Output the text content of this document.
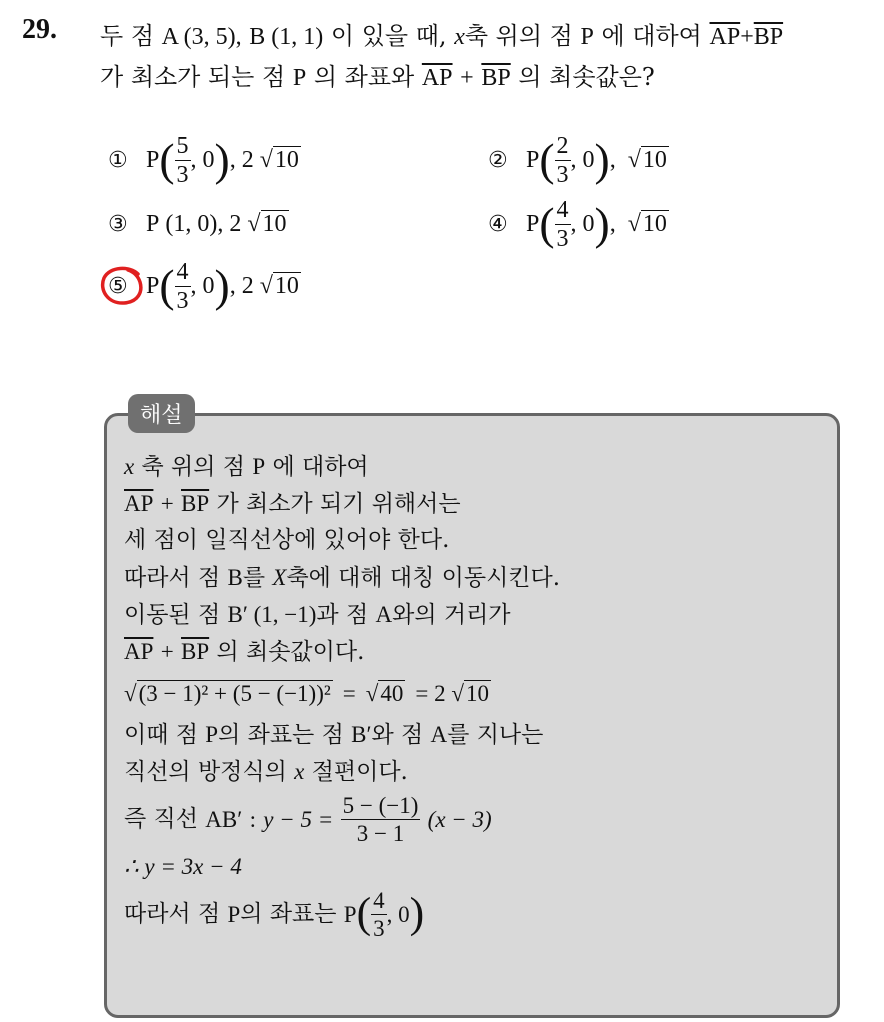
29. 두 점 A (3, 5), B (1, 1) 이 있을 때, x축 위의 점 P 에 대하여 $\overline{AP}+\overline{BP}$
가 최소가 되는 점 P 의 좌표와 $\overline{AP} + \overline{BP}$ 의 최솟값은?
① P ( $\frac{5}{3}$ , 0 ) ,
2
√10	② P ( $\frac{2}{3}$ , 0 ) ,
√10
③ P
(1, 0) ,
2
√10	④ P ( $\frac{4}{3}$ , 0 ) ,
√10
⑤ P ( $\frac{4}{3}$ , 0 ) ,
2
√10
해설
x 축 위의 점 P 에 대하여
$\overline{AP} + \overline{BP}$ 가 최소가 되기 위해서는
세 점이 일직선상에 있어야 한다.
따라서 점 B를 X축에 대해 대칭 이동시킨다.
이동된 점 B′ (1, −1)과 점 A와의 거리가
$\overline{AP} + \overline{BP}$ 의 최솟값이다.
√(3 − 1)² + (5 − (−1))² = √40 = 2
√10
이때 점 P의 좌표는 점 B′와 점 A를 지나는
직선의 방정식의 x 절편이다.
즉 직선
AB′
:
y − 5 =
$\frac{5 - (-1)}{3 - 1}$
(x − 3)
∴ y = 3x − 4
따라서 점
P 의 좌표는
P ( $\frac{4}{3}$ , 0 )
